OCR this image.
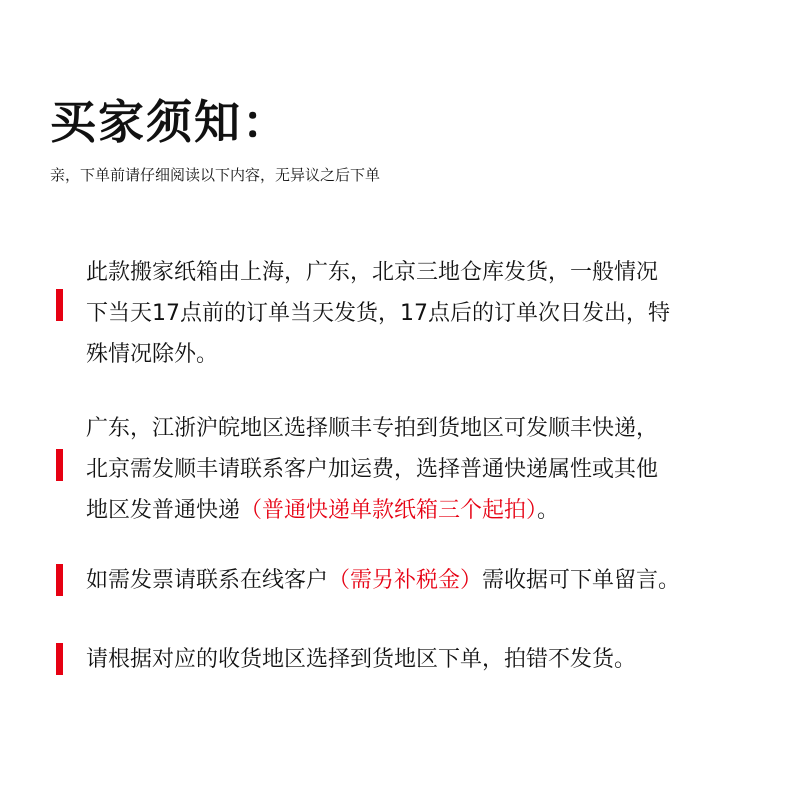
买家须知：
亲，下单前请仔细阅读以下内容，无异议之后下单
此款搬家纸箱由上海，广东，北京三地仓库发货，一般情况
下当天17点前的订单当天发货，17点后的订单次日发出，特
殊情况除外。
广东，江浙沪皖地区选择顺丰专拍到货地区可发顺丰快递，
北京需发顺丰请联系客户加运费，选择普通快递属性或其他
地区发普通快递（普通快递单款纸箱三个起拍）。
如需发票请联系在线客户（需另补税金）需收据可下单留言。
请根据对应的收货地区选择到货地区下单，拍错不发货。
